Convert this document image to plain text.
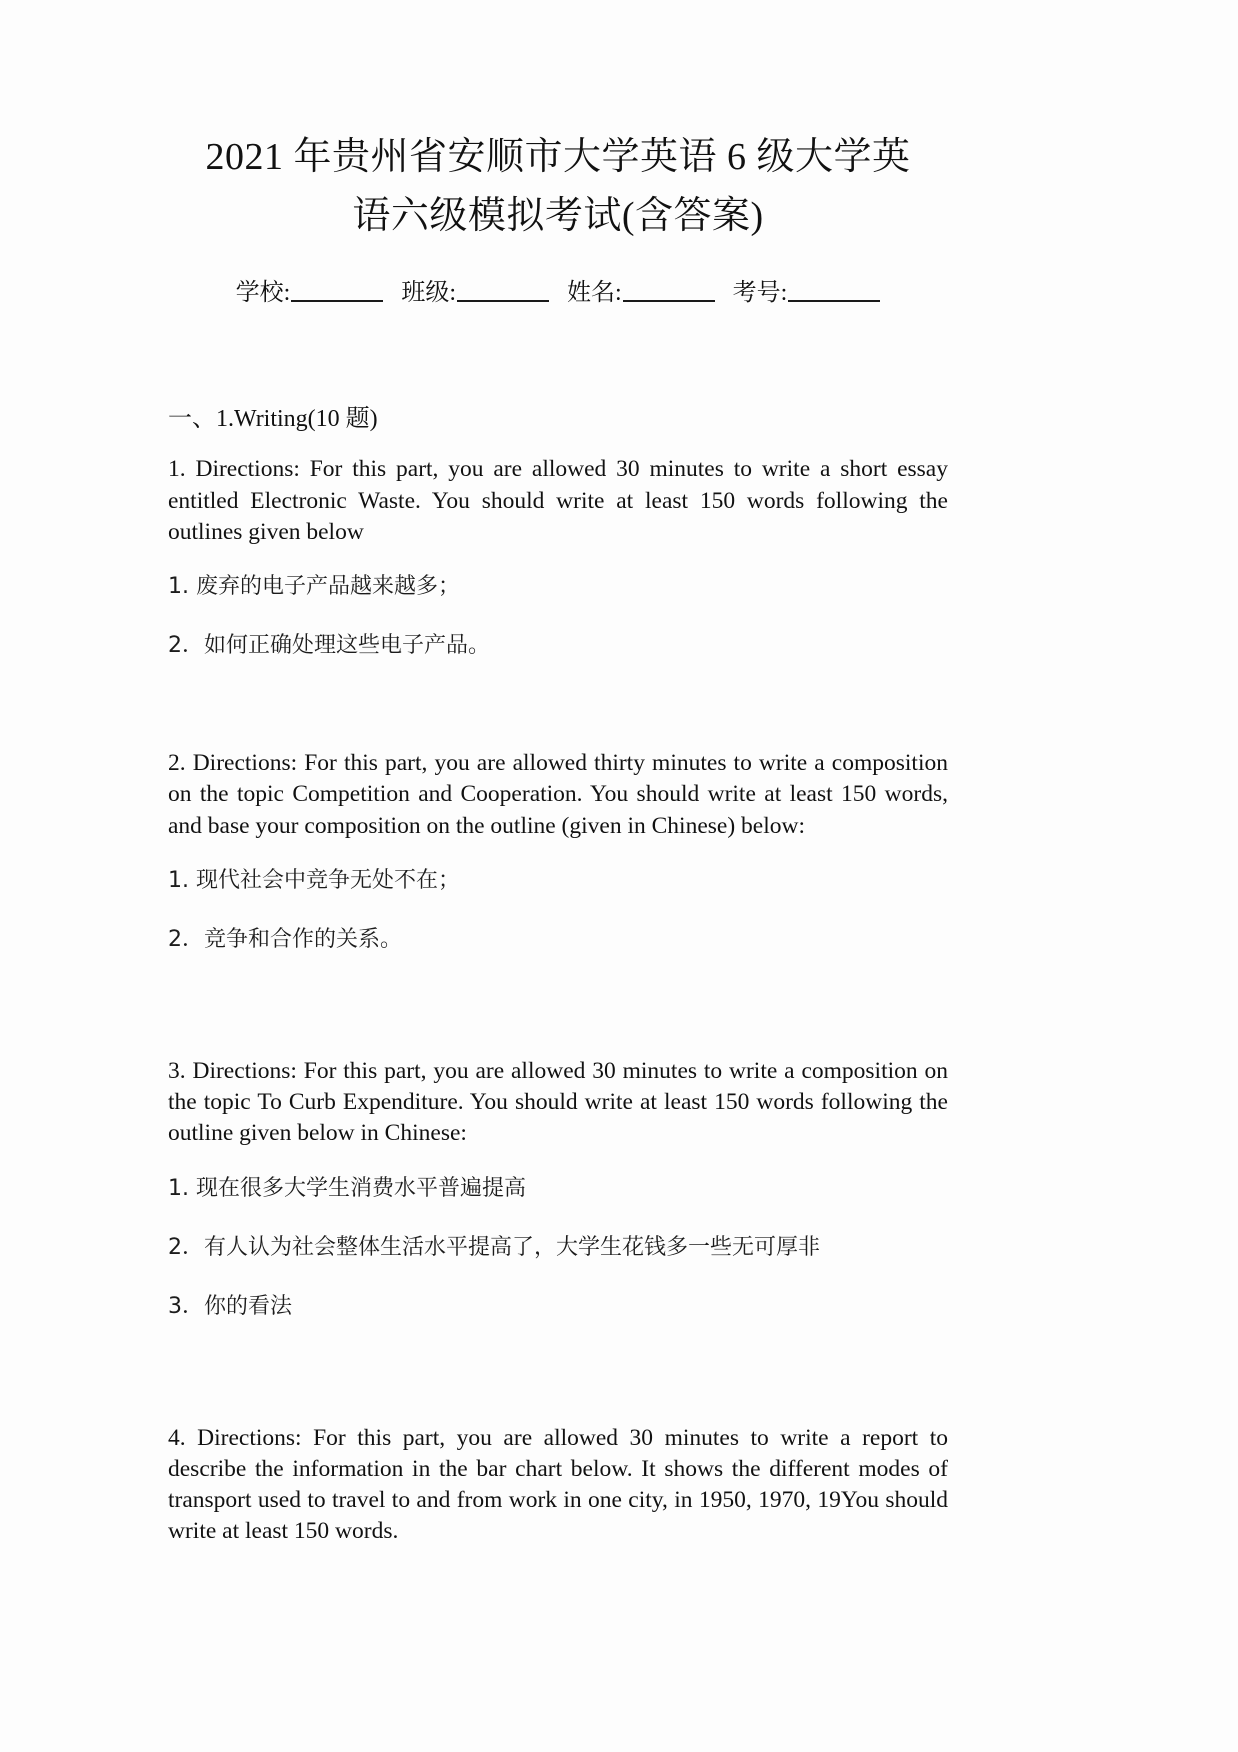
2021 年贵州省安顺市大学英语 6 级大学英
语六级模拟考试(含答案)
学校:	班级:	姓名:	考号:
一、1.Writing(10 题)

1. Directions: For this part, you are allowed 30 minutes to write a short essay entitled Electronic Waste. You should write at least 150 words following the outlines given below

1. 废弃的电子产品越来越多；
2．如何正确处理这些电子产品。

2. Directions: For this part, you are allowed thirty minutes to write a composition on the topic Competition and Cooperation. You should write at least 150 words, and base your composition on the outline (given in Chinese) below:

1. 现代社会中竞争无处不在；
2．竞争和合作的关系。

3. Directions: For this part, you are allowed 30 minutes to write a composition on the topic To Curb Expenditure. You should write at least 150 words following the outline given below in Chinese:

1. 现在很多大学生消费水平普遍提高
2．有人认为社会整体生活水平提高了，大学生花钱多一些无可厚非
3．你的看法

4. Directions: For this part, you are allowed 30 minutes to write a report to describe the information in the bar chart below. It shows the different modes of transport used to travel to and from work in one city, in 1950, 1970, 19You should write at least 150 words.
